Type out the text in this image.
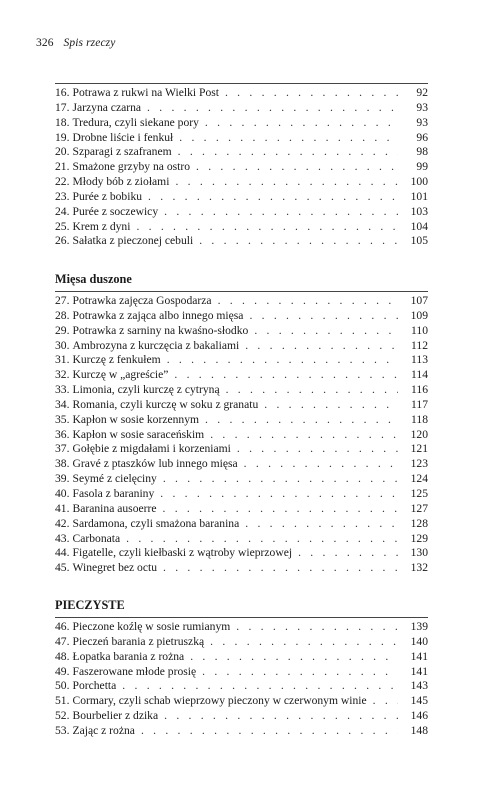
326 Spis rzeczy
16. Potrawa z rukwi na Wielki Post . . .	92
17. Jarzyna czarna . . .	93
18. Tredura, czyli siekane pory . . .	93
19. Drobne liście i fenkuł . . .	96
20. Szparagi z szafranem . . .	98
21. Smażone grzyby na ostro . . .	99
22. Młody bób z ziołami . . .	100
23. Purée z bobiku . . .	101
24. Purée z soczewicy . . .	103
25. Krem z dyni . . .	104
26. Sałatka z pieczonej cebuli . . .	105
Mięsa duszone
27. Potrawka zajęcza Gospodarza . . .	107
28. Potrawka z zająca albo innego mięsa . . .	109
29. Potrawka z sarniny na kwaśno-słodko . . .	110
30. Ambrozyna z kurczęcia z bakaliami . . .	112
31. Kurczę z fenkułem . . .	113
32. Kurczę w „agreście” . . .	114
33. Limonia, czyli kurczę z cytryną . . .	116
34. Romania, czyli kurczę w soku z granatu . . .	117
35. Kapłon w sosie korzennym . . .	118
36. Kapłon w sosie saraceńskim . . .	120
37. Gołębie z migdałami i korzeniami . . .	121
38. Gravé z ptaszków lub innego mięsa . . .	123
39. Seymé z cielęciny . . .	124
40. Fasola z baraniny . . .	125
41. Baranina ausoerre . . .	127
42. Sardamona, czyli smażona baranina . . .	128
43. Carbonata . . .	129
44. Figatelle, czyli kiełbaski z wątroby wieprzowej . . .	130
45. Winegret bez octu . . .	132
PIECZYSTE
46. Pieczone koźlę w sosie rumianym . . .	139
47. Pieczeń barania z pietruszką . . .	140
48. Łopatka barania z rożna . . .	141
49. Faszerowane młode prosię . . .	141
50. Porchetta . . .	143
51. Cormary, czyli schab wieprzowy pieczony w czerwonym winie . . .	145
52. Bourbelier z dzika . . .	146
53. Zając z rożna . . .	148
